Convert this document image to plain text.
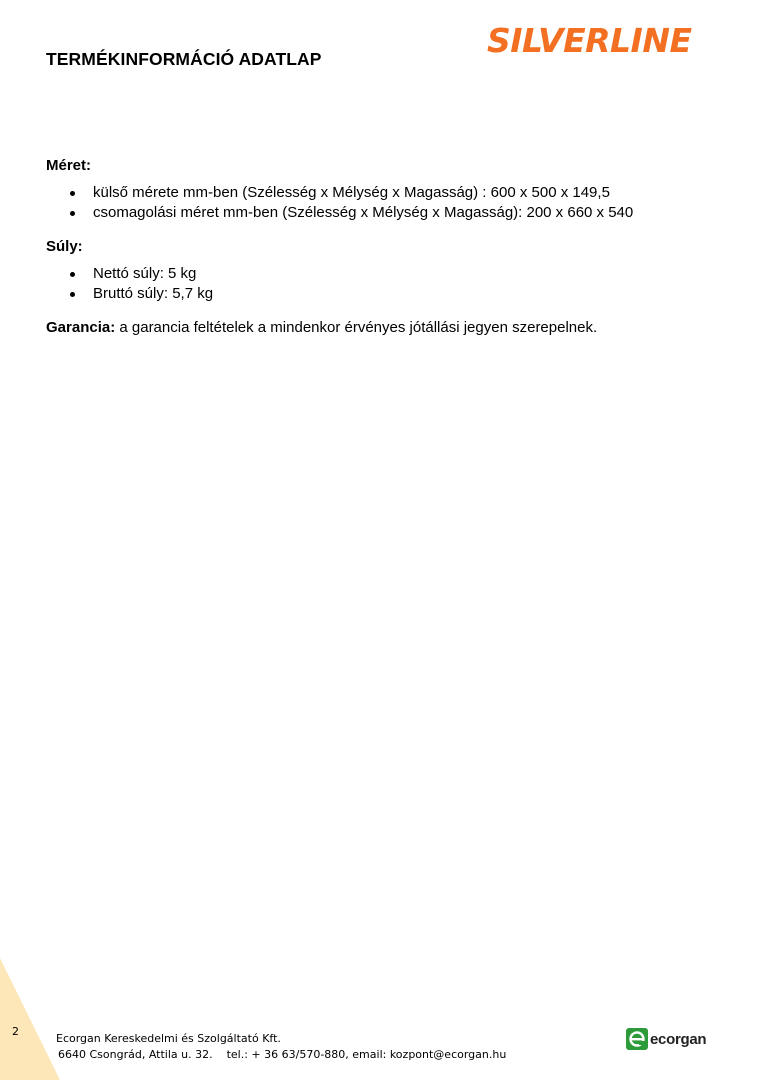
TERMÉKINFORMÁCIÓ ADATLAP	SILVERLINE
Méret:
külső mérete mm-ben (Szélesség x Mélység x Magasság) : 600 x 500 x 149,5
csomagolási méret mm-ben (Szélesség x Mélység x Magasság): 200 x 660 x 540
Súly:
Nettó súly: 5 kg
Bruttó súly: 5,7 kg
Garancia: a garancia feltételek a mindenkor érvényes jótállási jegyen szerepelnek.
2
Ecorgan Kereskedelmi és Szolgáltató Kft.
6640 Csongrád, Attila u. 32. tel.: + 36 63/570-880, email: kozpont@ecorgan.hu
ecorgan
